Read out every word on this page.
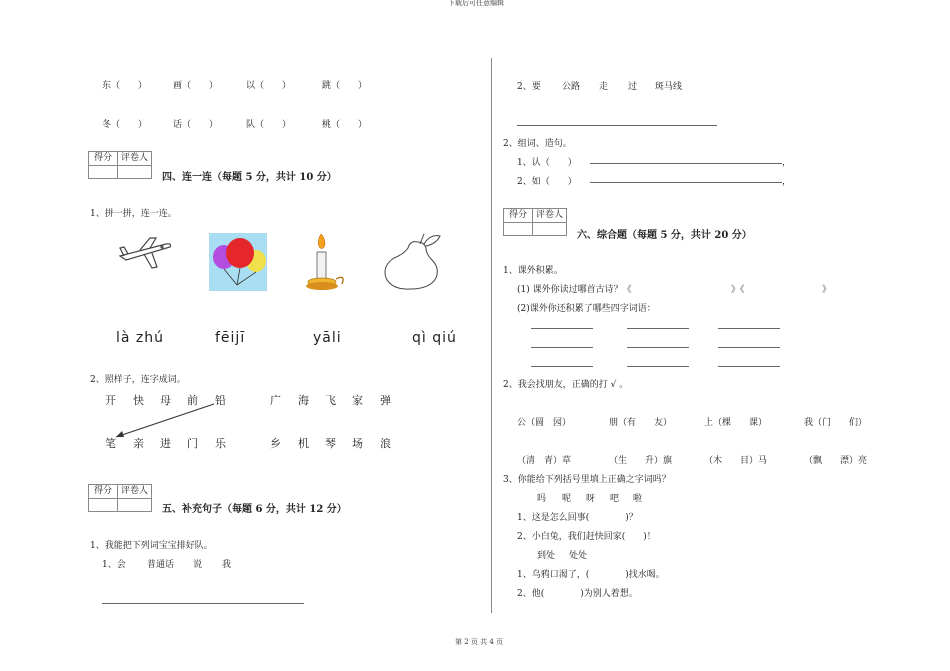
下载后可任意编辑
第 2 页 共 4 页
东（　　）	画（　　）	以（　　）	跳（　　）
冬（　　）	话（　　）	队（　　）	桃（　　）
得分 评卷人
四、连一连（每题 5 分，共计 10 分）
1、拼一拼，连一连。
là zhú	fēijī	yāli	qì qiú
2、照样子，连字成词。
开 快 母 前 铅	广 海 飞 家 弹
笔 亲 进 门 乐	乡 机 琴 场 浪
得分 评卷人
五、补充句子（每题 6 分，共计 12 分）
1、我能把下列词宝宝排好队。
1、会 普通话 说 我
2、要 公路 走 过 斑马线
2、组词、造句。
1、认（　　）	，
2、如（　　）	，
得分 评卷人
六、综合题（每题 5 分，共计 20 分）
1、课外积累。
(1) 课外你读过哪首古诗？《	》《	》
(2)课外你还积累了哪些四字词语：
2、我会找朋友，正确的打 √ 。
公（圆　园）	朋（有　　友）	上（棵　　课）	我（门　　们）
（清　青）草	（生　　升）旗	（木　　目）马	（飘　　漂）亮
3、你能给下列括号里填上正确之字词吗？
吗 呢 呀 吧 啦
1、这是怎么回事(　　　　)？
2、小白兔，我们赶快回家(　　)！
到处 处处
1、乌鸦口渴了，(　　　　)找水喝。
2、他(　　　　)为别人着想。
